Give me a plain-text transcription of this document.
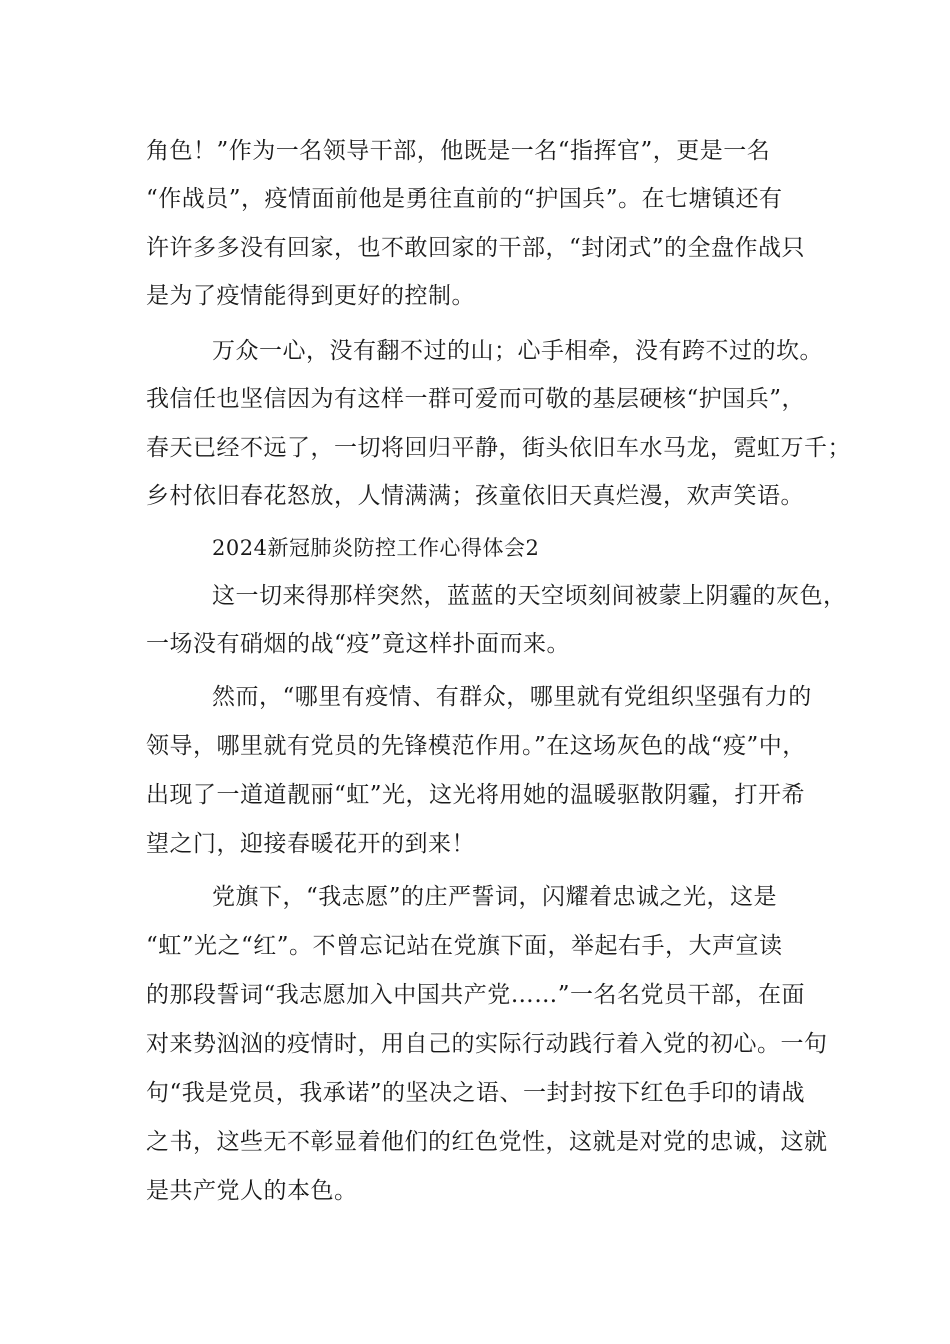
角色！”作为一名领导干部，他既是一名“指挥官”，更是一名
“作战员”，疫情面前他是勇往直前的“护国兵”。在七塘镇还有
许许多多没有回家，也不敢回家的干部，“封闭式”的全盘作战只
是为了疫情能得到更好的控制。
万众一心，没有翻不过的山；心手相牵，没有跨不过的坎。
我信任也坚信因为有这样一群可爱而可敬的基层硬核“护国兵”，
春天已经不远了，一切将回归平静，街头依旧车水马龙，霓虹万千；
乡村依旧春花怒放，人情满满；孩童依旧天真烂漫，欢声笑语。
2024新冠肺炎防控工作心得体会2
这一切来得那样突然，蓝蓝的天空顷刻间被蒙上阴霾的灰色，
一场没有硝烟的战“疫”竟这样扑面而来。
然而，“哪里有疫情、有群众，哪里就有党组织坚强有力的
领导，哪里就有党员的先锋模范作用。”在这场灰色的战“疫”中，
出现了一道道靓丽“虹”光，这光将用她的温暖驱散阴霾，打开希
望之门，迎接春暖花开的到来！
党旗下，“我志愿”的庄严誓词，闪耀着忠诚之光，这是
“虹”光之“红”。不曾忘记站在党旗下面，举起右手，大声宣读
的那段誓词“我志愿加入中国共产党……”一名名党员干部，在面
对来势汹汹的疫情时，用自己的实际行动践行着入党的初心。一句
句“我是党员，我承诺”的坚决之语、一封封按下红色手印的请战
之书，这些无不彰显着他们的红色党性，这就是对党的忠诚，这就
是共产党人的本色。
